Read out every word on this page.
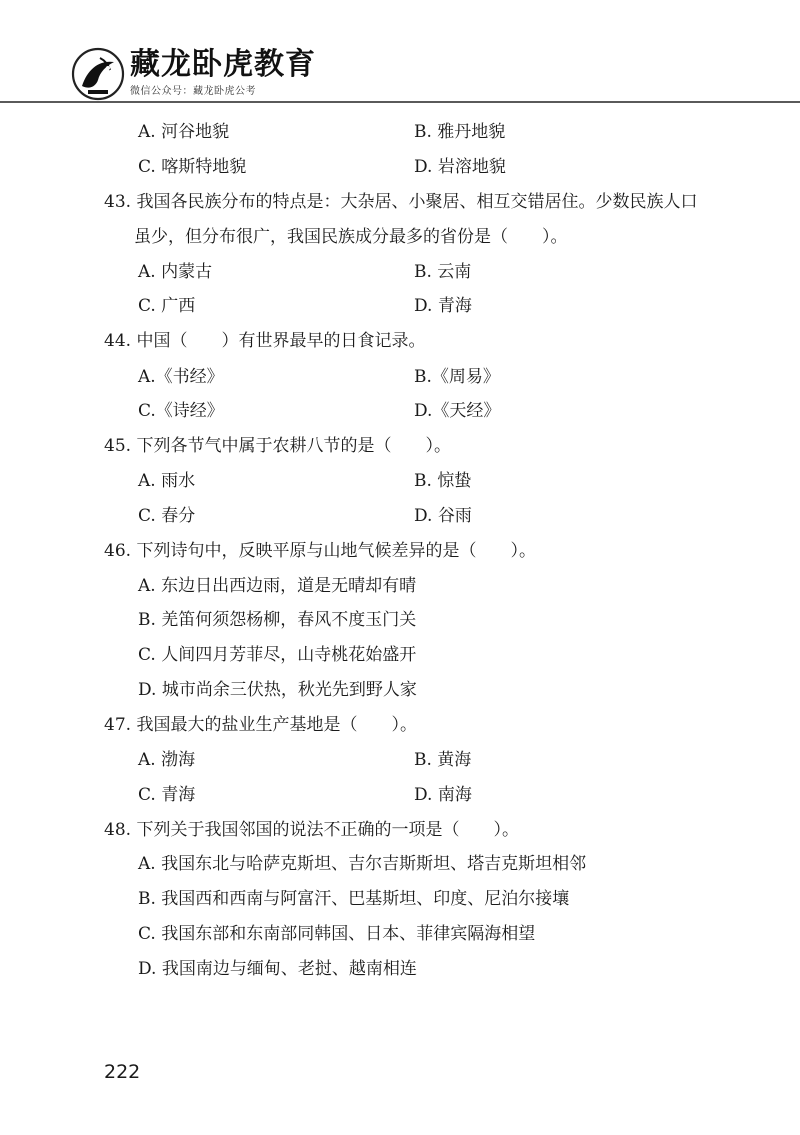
藏龙卧虎教育
微信公众号：藏龙卧虎公考
A. 河谷地貌	B. 雅丹地貌
C. 喀斯特地貌	D. 岩溶地貌
43. 我国各民族分布的特点是：大杂居、小聚居、相互交错居住。少数民族人口
虽少，但分布很广，我国民族成分最多的省份是（　　）。
A. 内蒙古	B. 云南
C. 广西	D. 青海
44. 中国（　　）有世界最早的日食记录。
A.《书经》	B.《周易》
C.《诗经》	D.《天经》
45. 下列各节气中属于农耕八节的是（　　）。
A. 雨水	B. 惊蛰
C. 春分	D. 谷雨
46. 下列诗句中，反映平原与山地气候差异的是（　　）。
A. 东边日出西边雨，道是无晴却有晴
B. 羌笛何须怨杨柳，春风不度玉门关
C. 人间四月芳菲尽，山寺桃花始盛开
D. 城市尚余三伏热，秋光先到野人家
47. 我国最大的盐业生产基地是（　　）。
A. 渤海	B. 黄海
C. 青海	D. 南海
48. 下列关于我国邻国的说法不正确的一项是（　　）。
A. 我国东北与哈萨克斯坦、吉尔吉斯斯坦、塔吉克斯坦相邻
B. 我国西和西南与阿富汗、巴基斯坦、印度、尼泊尔接壤
C. 我国东部和东南部同韩国、日本、菲律宾隔海相望
D. 我国南边与缅甸、老挝、越南相连
222
